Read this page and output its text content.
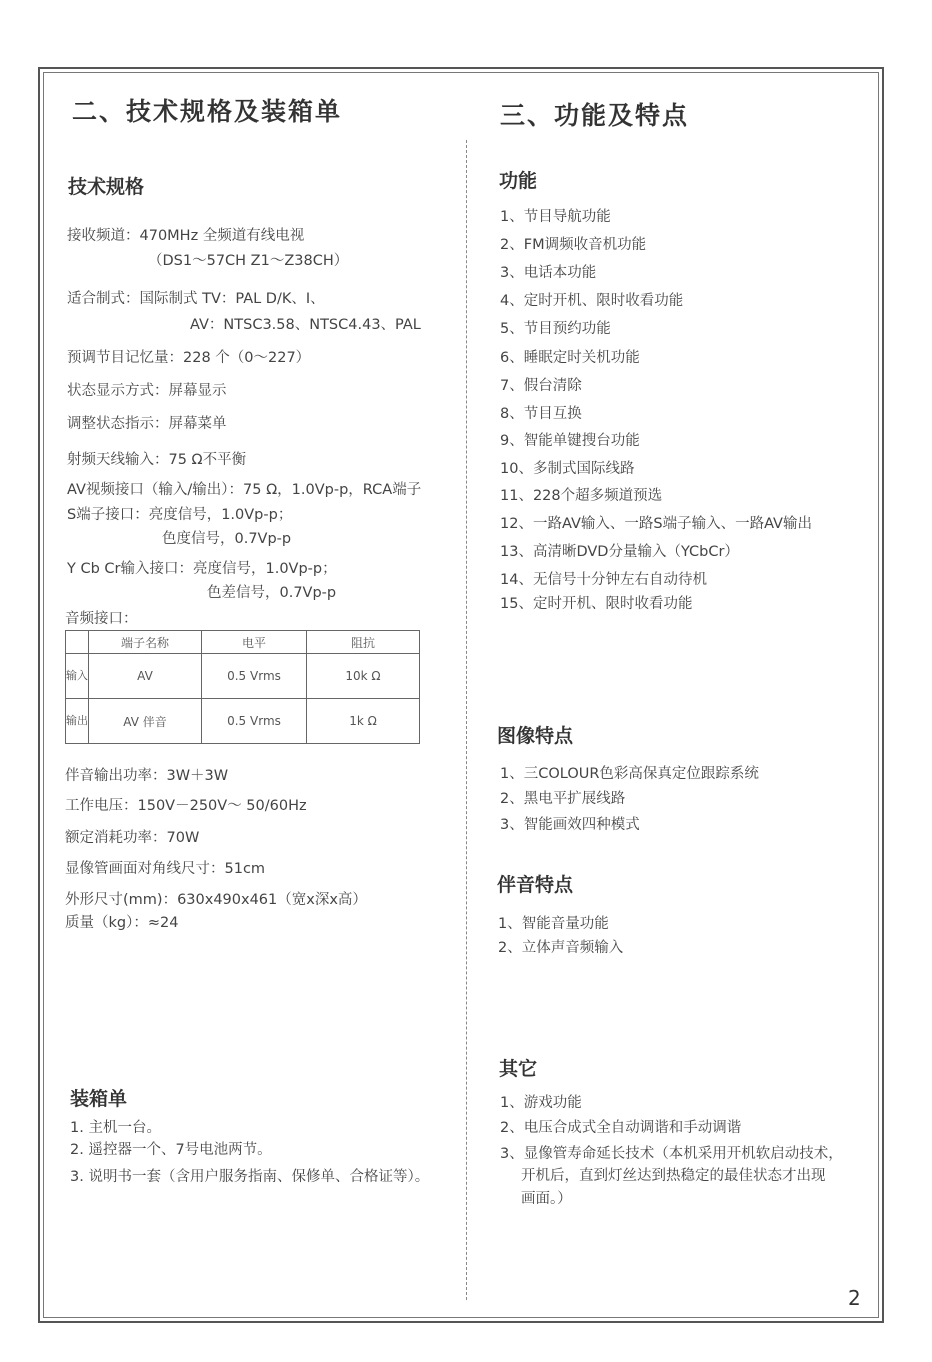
二、技术规格及装箱单
技术规格
接收频道：470MHz 全频道有线电视
（DS1～57CH Z1～Z38CH）
适合制式：国际制式 TV：PAL D/K、I、
AV：NTSC3.58、NTSC4.43、PAL
预调节目记忆量：228 个（0～227）
状态显示方式：屏幕显示
调整状态指示：屏幕菜单
射频天线输入：75 Ω不平衡
AV视频接口（输入/输出）：75 Ω，1.0Vp-p，RCA端子
S端子接口：亮度信号，1.0Vp-p；
色度信号，0.7Vp-p
Y Cb Cr输入接口：亮度信号，1.0Vp-p；
色差信号，0.7Vp-p
音频接口：
	端子名称	电平	阻抗
输入	AV	0.5 Vrms	10k Ω
输出	AV 伴音	0.5 Vrms	1k Ω
伴音输出功率：3W＋3W
工作电压：150V－250V～ 50/60Hz
额定消耗功率：70W
显像管画面对角线尺寸：51cm
外形尺寸(mm)：630x490x461（宽x深x高）
质量（kg）：≈24
装箱单
1. 主机一台。
2. 遥控器一个、7号电池两节。
3. 说明书一套（含用户服务指南、保修单、合格证等）。
三、功能及特点
功能
1、节目导航功能
2、FM调频收音机功能
3、电话本功能
4、定时开机、限时收看功能
5、节目预约功能
6、睡眠定时关机功能
7、假台清除
8、节目互换
9、智能单键搜台功能
10、多制式国际线路
11、228个超多频道预选
12、一路AV输入、一路S端子输入、一路AV输出
13、高清晰DVD分量输入（YCbCr）
14、无信号十分钟左右自动待机
15、定时开机、限时收看功能
图像特点
1、三COLOUR色彩高保真定位跟踪系统
2、黑电平扩展线路
3、智能画效四种模式
伴音特点
1、智能音量功能
2、立体声音频输入
其它
1、游戏功能
2、电压合成式全自动调谐和手动调谐
3、显像管寿命延长技术（本机采用开机软启动技术，
开机后，直到灯丝达到热稳定的最佳状态才出现
画面。）
2
